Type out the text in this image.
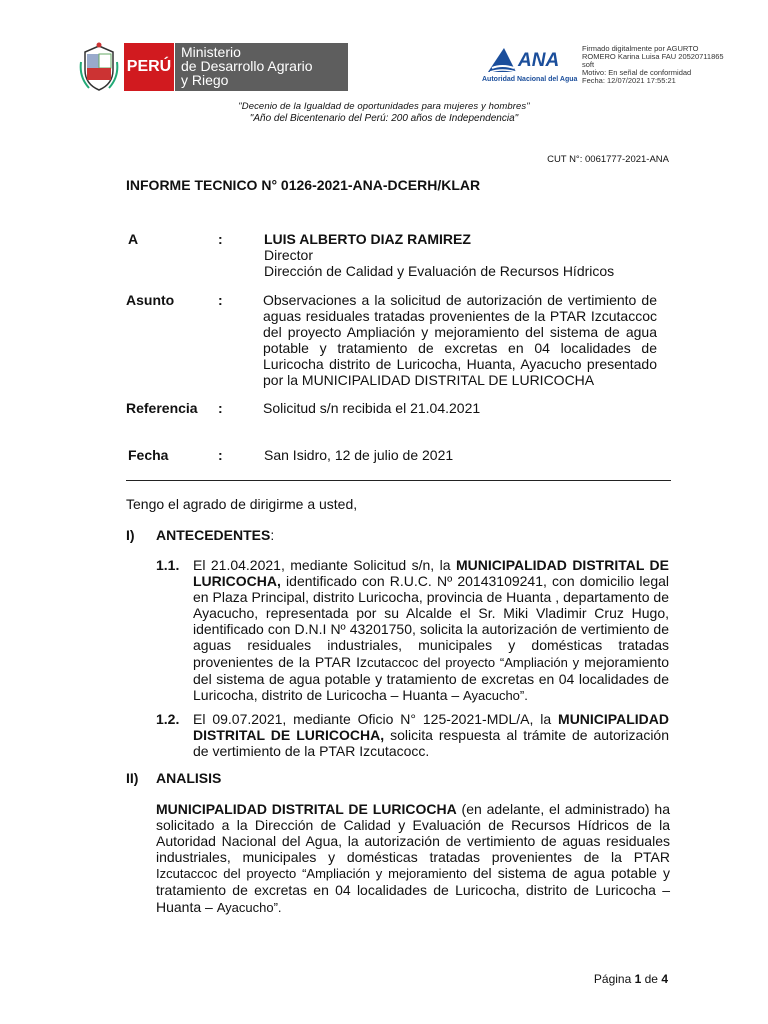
PERÚ
Ministerio
de Desarrollo Agrario
y Riego
ANA
Autoridad Nacional del Agua
Firmado digitalmente por AGURTO
ROMERO Karina Luisa FAU 20520711865
soft
Motivo: En señal de conformidad
Fecha: 12/07/2021 17:55:21
"Decenio de la Igualdad de oportunidades para mujeres y hombres"
"Año del Bicentenario del Perú: 200 años de Independencia"
CUT N°: 0061777-2021-ANA
INFORME TECNICO N° 0126-2021-ANA-DCERH/KLAR
A	:	LUIS ALBERTO DIAZ RAMIREZ
Director
Dirección de Calidad y Evaluación de Recursos Hídricos
Asunto	:	Observaciones a la solicitud de autorización de vertimiento de aguas residuales tratadas provenientes de la PTAR Izcutaccoc del proyecto Ampliación y mejoramiento del sistema de agua potable y tratamiento de excretas en 04 localidades de Luricocha distrito de Luricocha, Huanta, Ayacucho presentado por la MUNICIPALIDAD DISTRITAL DE LURICOCHA
Referencia :	Solicitud s/n recibida el 21.04.2021
Fecha	:	San Isidro, 12 de julio de 2021
Tengo el agrado de dirigirme a usted,
I) ANTECEDENTES:
1.1. El 21.04.2021, mediante Solicitud s/n, la MUNICIPALIDAD DISTRITAL DE LURICOCHA, identificado con R.U.C. Nº 20143109241, con domicilio legal en Plaza Principal, distrito Luricocha, provincia de Huanta , departamento de Ayacucho, representada por su Alcalde el Sr. Miki Vladimir Cruz Hugo, identificado con D.N.I Nº 43201750, solicita la autorización de vertimiento de aguas residuales industriales, municipales y domésticas tratadas provenientes de la PTAR Izcutaccoc del proyecto “Ampliación y mejoramiento del sistema de agua potable y tratamiento de excretas en 04 localidades de Luricocha, distrito de Luricocha – Huanta – Ayacucho”.
1.2. El 09.07.2021, mediante Oficio N° 125-2021-MDL/A, la MUNICIPALIDAD DISTRITAL DE LURICOCHA, solicita respuesta al trámite de autorización de vertimiento de la PTAR Izcutacocc.
II) ANALISIS
MUNICIPALIDAD DISTRITAL DE LURICOCHA (en adelante, el administrado) ha solicitado a la Dirección de Calidad y Evaluación de Recursos Hídricos de la Autoridad Nacional del Agua, la autorización de vertimiento de aguas residuales industriales, municipales y domésticas tratadas provenientes de la PTAR Izcutaccoc del proyecto “Ampliación y mejoramiento del sistema de agua potable y tratamiento de excretas en 04 localidades de Luricocha, distrito de Luricocha – Huanta – Ayacucho”.
Página 1 de 4
